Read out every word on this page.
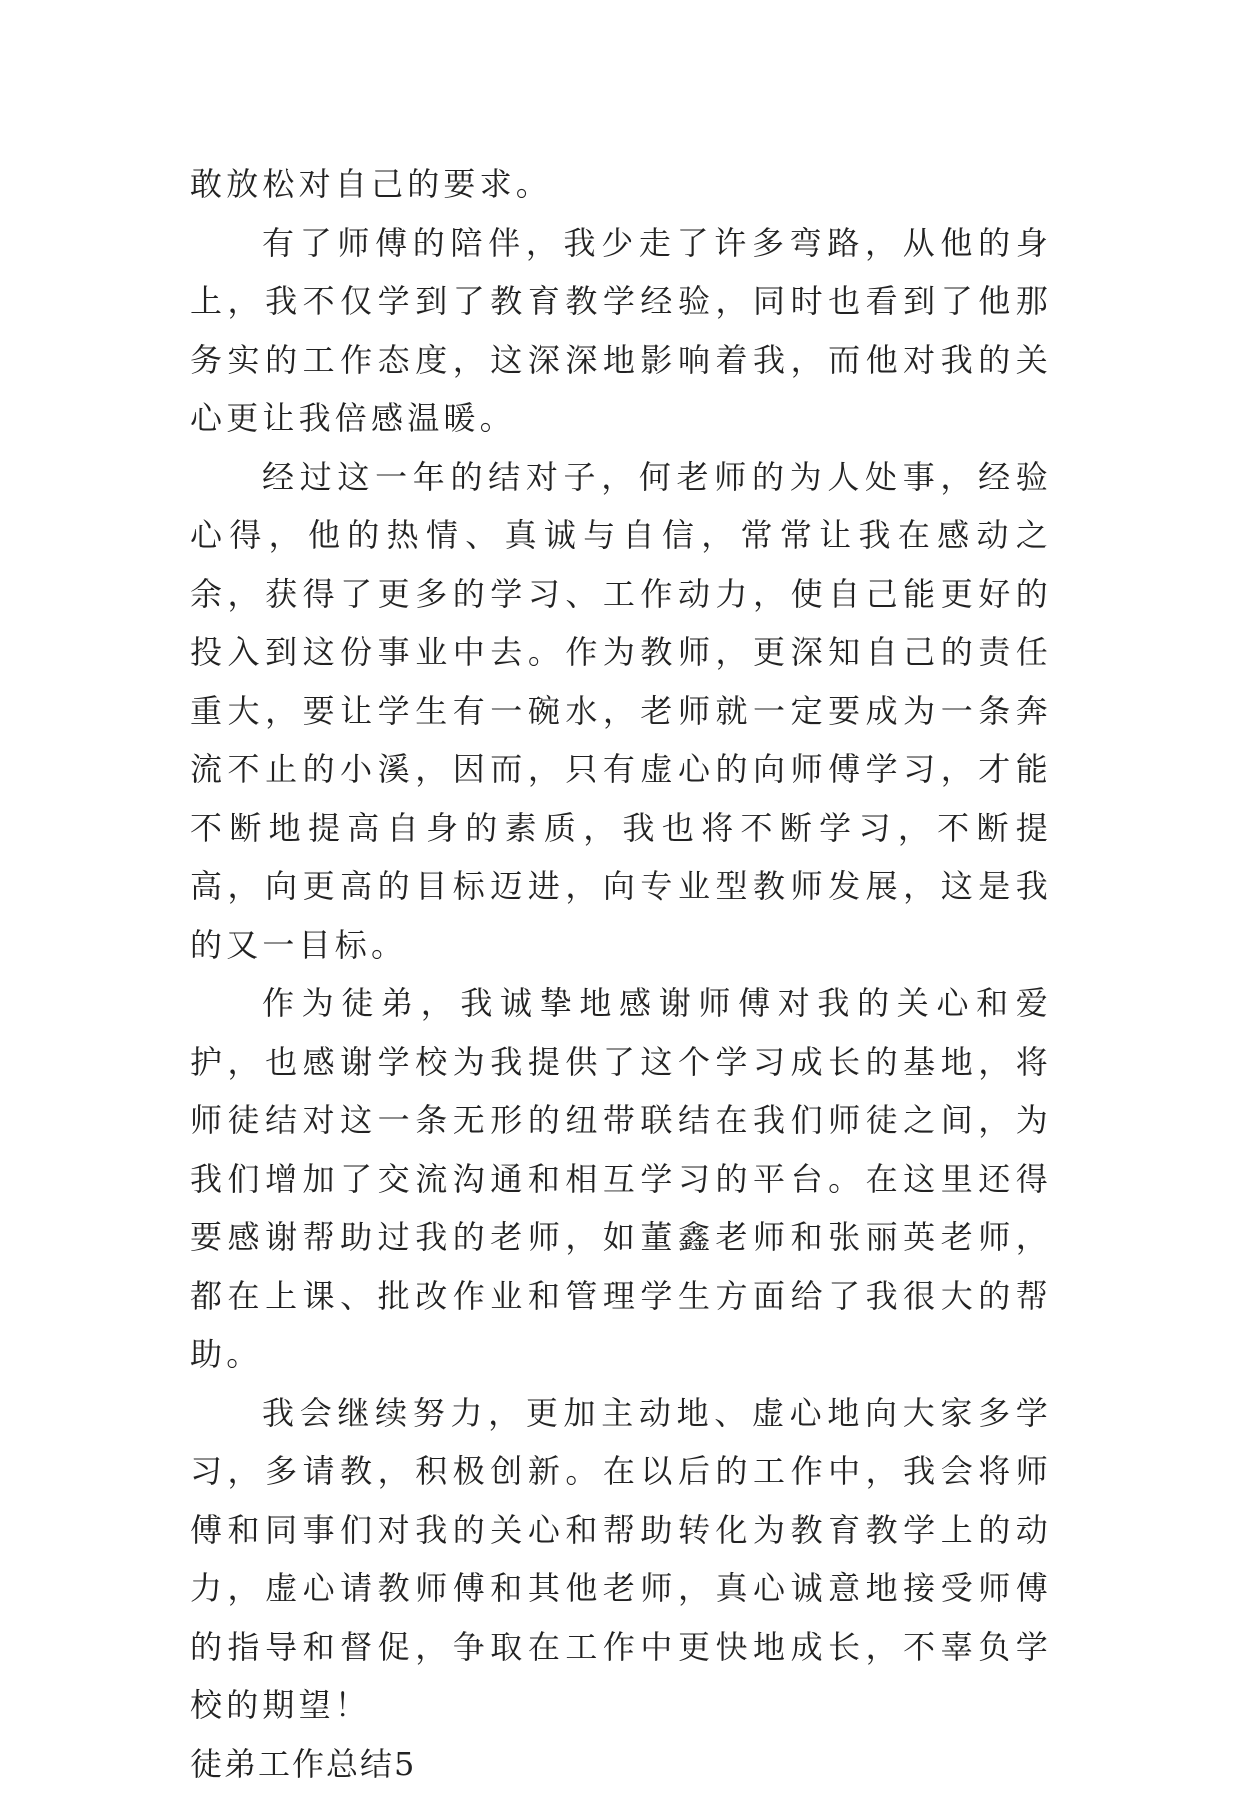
敢放松对自己的要求。

有了师傅的陪伴，我少走了许多弯路，从他的身上，我不仅学到了教育教学经验，同时也看到了他那务实的工作态度，这深深地影响着我，而他对我的关心更让我倍感温暖。

经过这一年的结对子，何老师的为人处事，经验心得，他的热情、真诚与自信，常常让我在感动之余，获得了更多的学习、工作动力，使自己能更好的投入到这份事业中去。作为教师，更深知自己的责任重大，要让学生有一碗水，老师就一定要成为一条奔流不止的小溪，因而，只有虚心的向师傅学习，才能不断地提高自身的素质，我也将不断学习，不断提高，向更高的目标迈进，向专业型教师发展，这是我的又一目标。

作为徒弟，我诚挚地感谢师傅对我的关心和爱护，也感谢学校为我提供了这个学习成长的基地，将师徒结对这一条无形的纽带联结在我们师徒之间，为我们增加了交流沟通和相互学习的平台。在这里还得要感谢帮助过我的老师，如董鑫老师和张丽英老师，都在上课、批改作业和管理学生方面给了我很大的帮助。

我会继续努力，更加主动地、虚心地向大家多学习，多请教，积极创新。在以后的工作中，我会将师傅和同事们对我的关心和帮助转化为教育教学上的动力，虚心请教师傅和其他老师，真心诚意地接受师傅的指导和督促，争取在工作中更快地成长，不辜负学校的期望！

徒弟工作总结5
